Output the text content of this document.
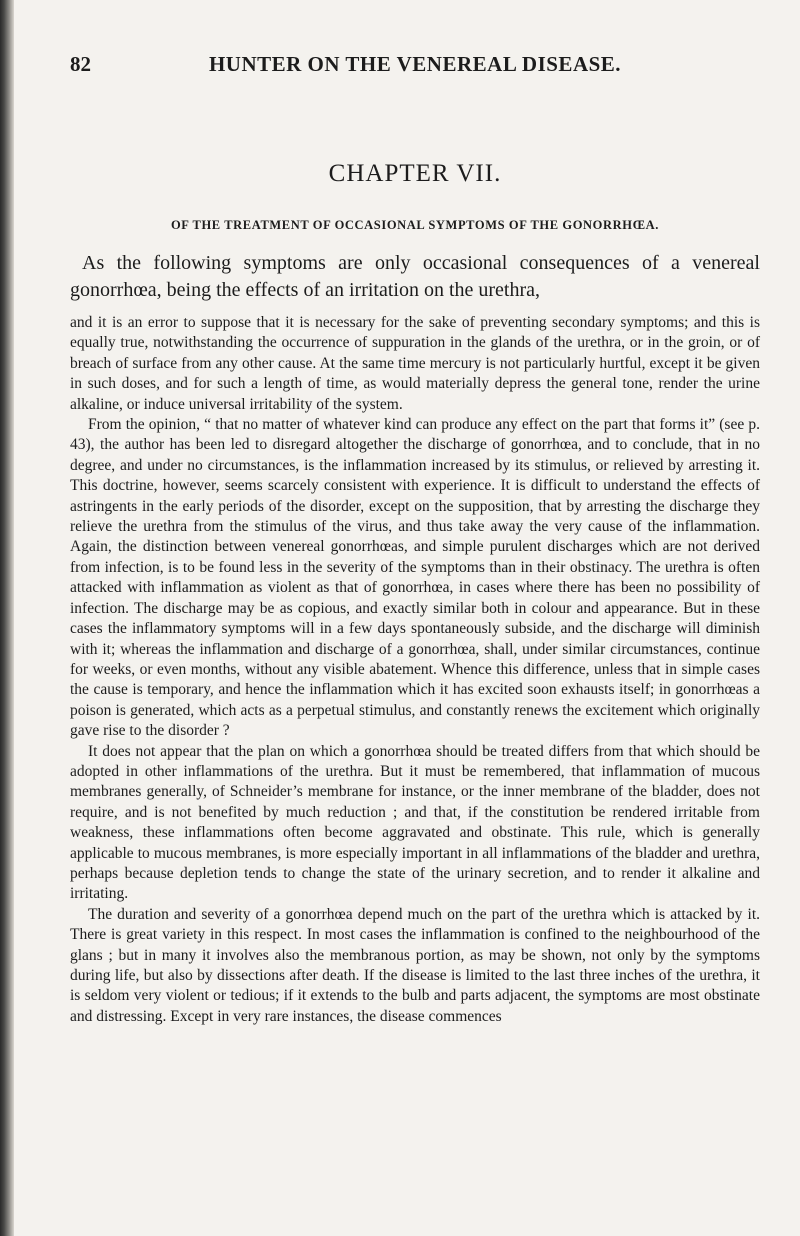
82	HUNTER ON THE VENEREAL DISEASE.
CHAPTER VII.
OF THE TREATMENT OF OCCASIONAL SYMPTOMS OF THE GONORRHŒA.

As the following symptoms are only occasional consequences of a venereal gonorrhœa, being the effects of an irritation on the urethra,

and it is an error to suppose that it is necessary for the sake of preventing secondary symptoms; and this is equally true, notwithstanding the occurrence of suppuration in the glands of the urethra, or in the groin, or of breach of surface from any other cause. At the same time mercury is not particularly hurtful, except it be given in such doses, and for such a length of time, as would materially depress the general tone, render the urine alkaline, or induce universal irritability of the system.

From the opinion, “ that no matter of whatever kind can produce any effect on the part that forms it” (see p. 43), the author has been led to disregard altogether the discharge of gonorrhœa, and to conclude, that in no degree, and under no circumstances, is the inflammation increased by its stimulus, or relieved by arresting it. This doctrine, however, seems scarcely consistent with experience. It is difficult to understand the effects of astringents in the early periods of the disorder, except on the supposition, that by arresting the discharge they relieve the urethra from the stimulus of the virus, and thus take away the very cause of the inflammation. Again, the distinction between venereal gonorrhœas, and simple purulent discharges which are not derived from infection, is to be found less in the severity of the symptoms than in their obstinacy. The urethra is often attacked with inflammation as violent as that of gonorrhœa, in cases where there has been no possibility of infection. The discharge may be as copious, and exactly similar both in colour and appearance. But in these cases the inflammatory symptoms will in a few days spontaneously subside, and the discharge will diminish with it; whereas the inflammation and discharge of a gonorrhœa, shall, under similar circumstances, continue for weeks, or even months, without any visible abatement. Whence this difference, unless that in simple cases the cause is temporary, and hence the inflammation which it has excited soon exhausts itself; in gonorrhœas a poison is generated, which acts as a perpetual stimulus, and constantly renews the excitement which originally gave rise to the disorder ?

It does not appear that the plan on which a gonorrhœa should be treated differs from that which should be adopted in other inflammations of the urethra. But it must be remembered, that inflammation of mucous membranes generally, of Schneider’s membrane for instance, or the inner membrane of the bladder, does not require, and is not benefited by much reduction ; and that, if the constitution be rendered irritable from weakness, these inflammations often become aggravated and obstinate. This rule, which is generally applicable to mucous membranes, is more especially important in all inflammations of the bladder and urethra, perhaps because depletion tends to change the state of the urinary secretion, and to render it alkaline and irritating.

The duration and severity of a gonorrhœa depend much on the part of the urethra which is attacked by it. There is great variety in this respect. In most cases the inflammation is confined to the neighbourhood of the glans ; but in many it involves also the membranous portion, as may be shown, not only by the symptoms during life, but also by dissections after death. If the disease is limited to the last three inches of the urethra, it is seldom very violent or tedious; if it extends to the bulb and parts adjacent, the symptoms are most obstinate and distressing. Except in very rare instances, the disease commences
